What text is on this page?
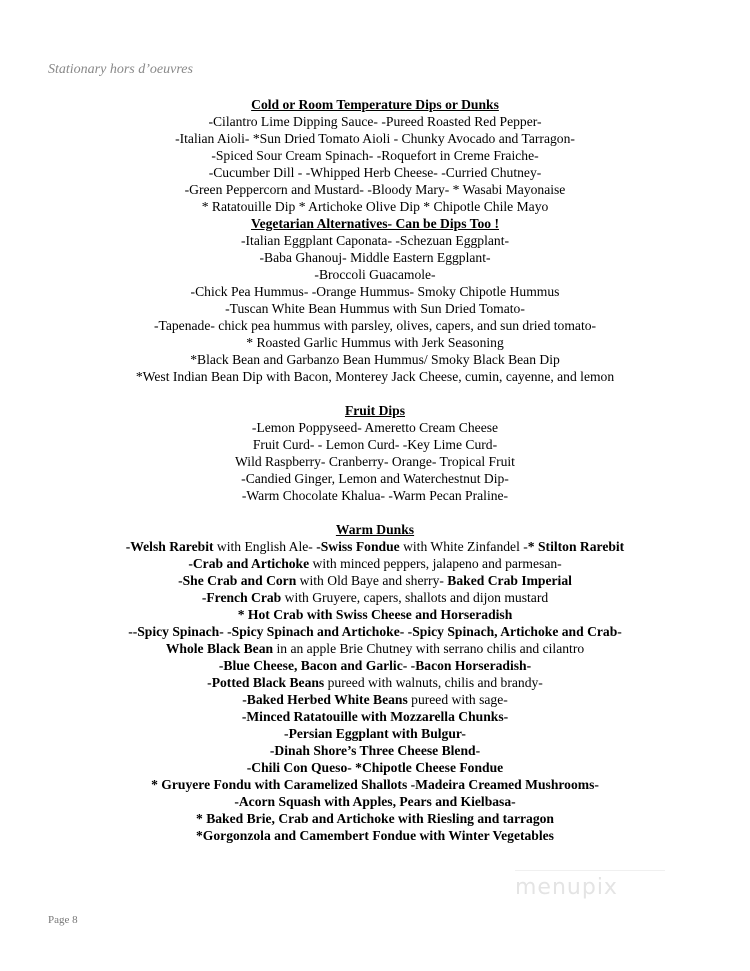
Stationary hors d’oeuvres
Cold or Room Temperature Dips or Dunks
-Cilantro Lime Dipping Sauce- -Pureed Roasted Red Pepper-
-Italian Aioli- *Sun Dried Tomato Aioli - Chunky Avocado and Tarragon-
-Spiced Sour Cream Spinach- -Roquefort in Creme Fraiche-
-Cucumber Dill - -Whipped Herb Cheese- -Curried Chutney-
-Green Peppercorn and Mustard- -Bloody Mary- * Wasabi Mayonaise
* Ratatouille Dip * Artichoke Olive Dip * Chipotle Chile Mayo
Vegetarian Alternatives- Can be Dips Too !
-Italian Eggplant Caponata- -Schezuan Eggplant-
-Baba Ghanouj- Middle Eastern Eggplant-
-Broccoli Guacamole-
-Chick Pea Hummus- -Orange Hummus- Smoky Chipotle Hummus
-Tuscan White Bean Hummus with Sun Dried Tomato-
-Tapenade- chick pea hummus with parsley, olives, capers, and sun dried tomato-
* Roasted Garlic Hummus with Jerk Seasoning
*Black Bean and Garbanzo Bean Hummus/ Smoky Black Bean Dip
*West Indian Bean Dip with Bacon, Monterey Jack Cheese, cumin, cayenne, and lemon
Fruit Dips
-Lemon Poppyseed- Ameretto Cream Cheese
Fruit Curd- - Lemon Curd- -Key Lime Curd-
Wild Raspberry- Cranberry- Orange- Tropical Fruit
-Candied Ginger, Lemon and Waterchestnut Dip-
-Warm Chocolate Khalua- -Warm Pecan Praline-
Warm Dunks
-Welsh Rarebit with English Ale- -Swiss Fondue with White Zinfandel -* Stilton Rarebit
-Crab and Artichoke with minced peppers, jalapeno and parmesan-
-She Crab and Corn with Old Baye and sherry- Baked Crab Imperial
-French Crab with Gruyere, capers, shallots and dijon mustard
* Hot Crab with Swiss Cheese and Horseradish
--Spicy Spinach- -Spicy Spinach and Artichoke- -Spicy Spinach, Artichoke and Crab-
Whole Black Bean in an apple Brie Chutney with serrano chilis and cilantro
-Blue Cheese, Bacon and Garlic- -Bacon Horseradish-
-Potted Black Beans pureed with walnuts, chilis and brandy-
-Baked Herbed White Beans pureed with sage-
-Minced Ratatouille with Mozzarella Chunks-
-Persian Eggplant with Bulgur-
-Dinah Shore’s Three Cheese Blend-
-Chili Con Queso- *Chipotle Cheese Fondue
* Gruyere Fondu with Caramelized Shallots -Madeira Creamed Mushrooms-
-Acorn Squash with Apples, Pears and Kielbasa-
* Baked Brie, Crab and Artichoke with Riesling and tarragon
*Gorgonzola and Camembert Fondue with Winter Vegetables
menupix
Page 8
